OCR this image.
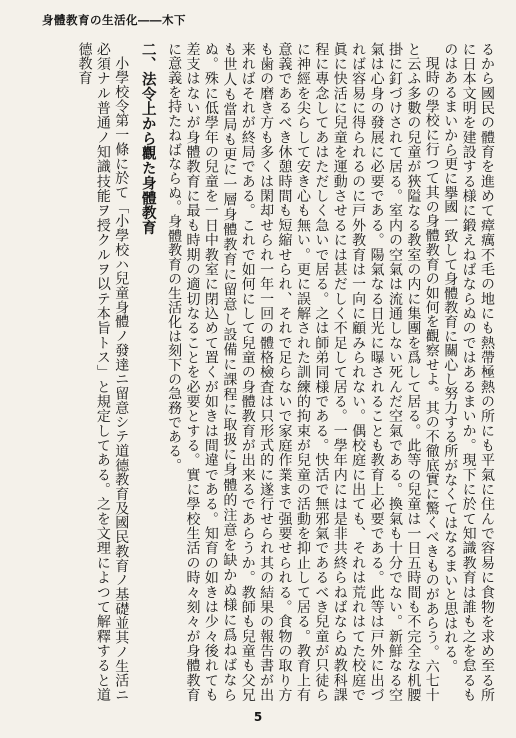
身體教育の生活化――木下

るから國民の體育を進めて瘴癘不毛の地にも熱帶極熱の所にも平氣に住んで容易に食物を求め至る所に日本文明を建設する様に鍛えねばならぬのではあるまいか。現下に於て知識教育は誰も之を怠るものはあるまいから更に擧國一致して身體教育に關心し努力する所がなくてはなるまいと思はれる。

現時の學校に行つて其の身體教育の如何を觀察せよ。其の不徹底實に驚くべきものがあらう。六七十と云ふ多數の兒童が狹隘なる教室の内に集團を爲して居る。此等の兒童は一日五時間も不完全な机腰掛に釘づけされて居る。室内の空氣は流通しない死んだ空氣である。換氣も十分でない。新鮮なる空氣は心身の發展に必要である。陽氣なる日光に曝されることも教育上必要である。此等は戸外に出づれば容易に得られるのに戸外教育は一向に顧みられない。偶校庭に出ても、それは荒れはてた校庭で眞に快活に兒童を運動させるには甚だしく不足して居る。一學年内には是非共終らねばならぬ教科課程に專念してあはただしく急いで居る。之は師弟同様である。快活で無邪氣であるべき兒童が只徒らに神經を尖らして安き心も無い。更に誤解された訓練的拘束が兒童の活動を抑止して居る。教育上有意義であるべき休憩時間も短縮せられ、それで足らないで家庭作業まで强要せられる。食物の取り方も歯の磨き方も多くは閑却せられ一年一回の體格檢査は只形式的に遂行せられ其の結果の報告書が出来ればそれが終局である。これで如何にして兒童の身體教育が出来るであらうか。教師も兒童も父兄も世人も當局も更に一層身體教育に留意し設備に課程に取扱に身體的注意を缺かぬ様に爲ねばならぬ。殊に低學年の兒童を一日中教室に閉込めて置くが如きは間違である。知育の如きは少々後れても差支はないが身體教育に最も時期の適切なることを必要とする。實に學校生活の時々刻々が身體教育に意義を持たねばならぬ。身體教育の生活化は刻下の急務である。

二、法令上から觀た身體教育

小學校令第一條に於て「小學校ハ兒童身體ノ發達ニ留意シテ道德教育及國民教育ノ基礎並其ノ生活ニ必須ナル普通ノ知識技能ヲ授クルヲ以テ本旨トス」と規定してある。之を文理によつて解釋すると道德教育

5
